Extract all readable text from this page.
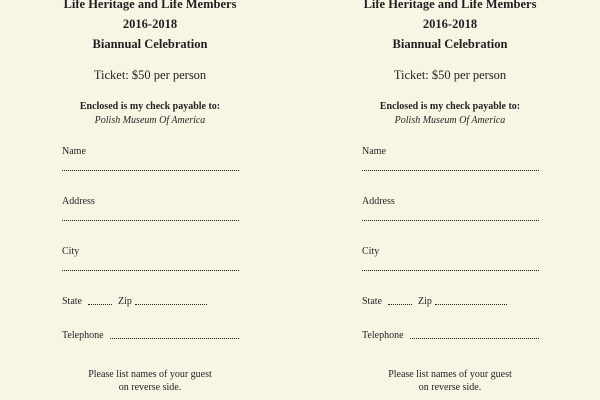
Life Heritage and Life Members
2016-2018
Biannual Celebration
Ticket: $50 per person
Enclosed is my check payable to:
Polish Museum Of America
Name
Address
City
State	Zip
Telephone
Please list names of your guest
on reverse side.
Life Heritage and Life Members
2016-2018
Biannual Celebration
Ticket: $50 per person
Enclosed is my check payable to:
Polish Museum Of America
Name
Address
City
State	Zip
Telephone
Please list names of your guest
on reverse side.
